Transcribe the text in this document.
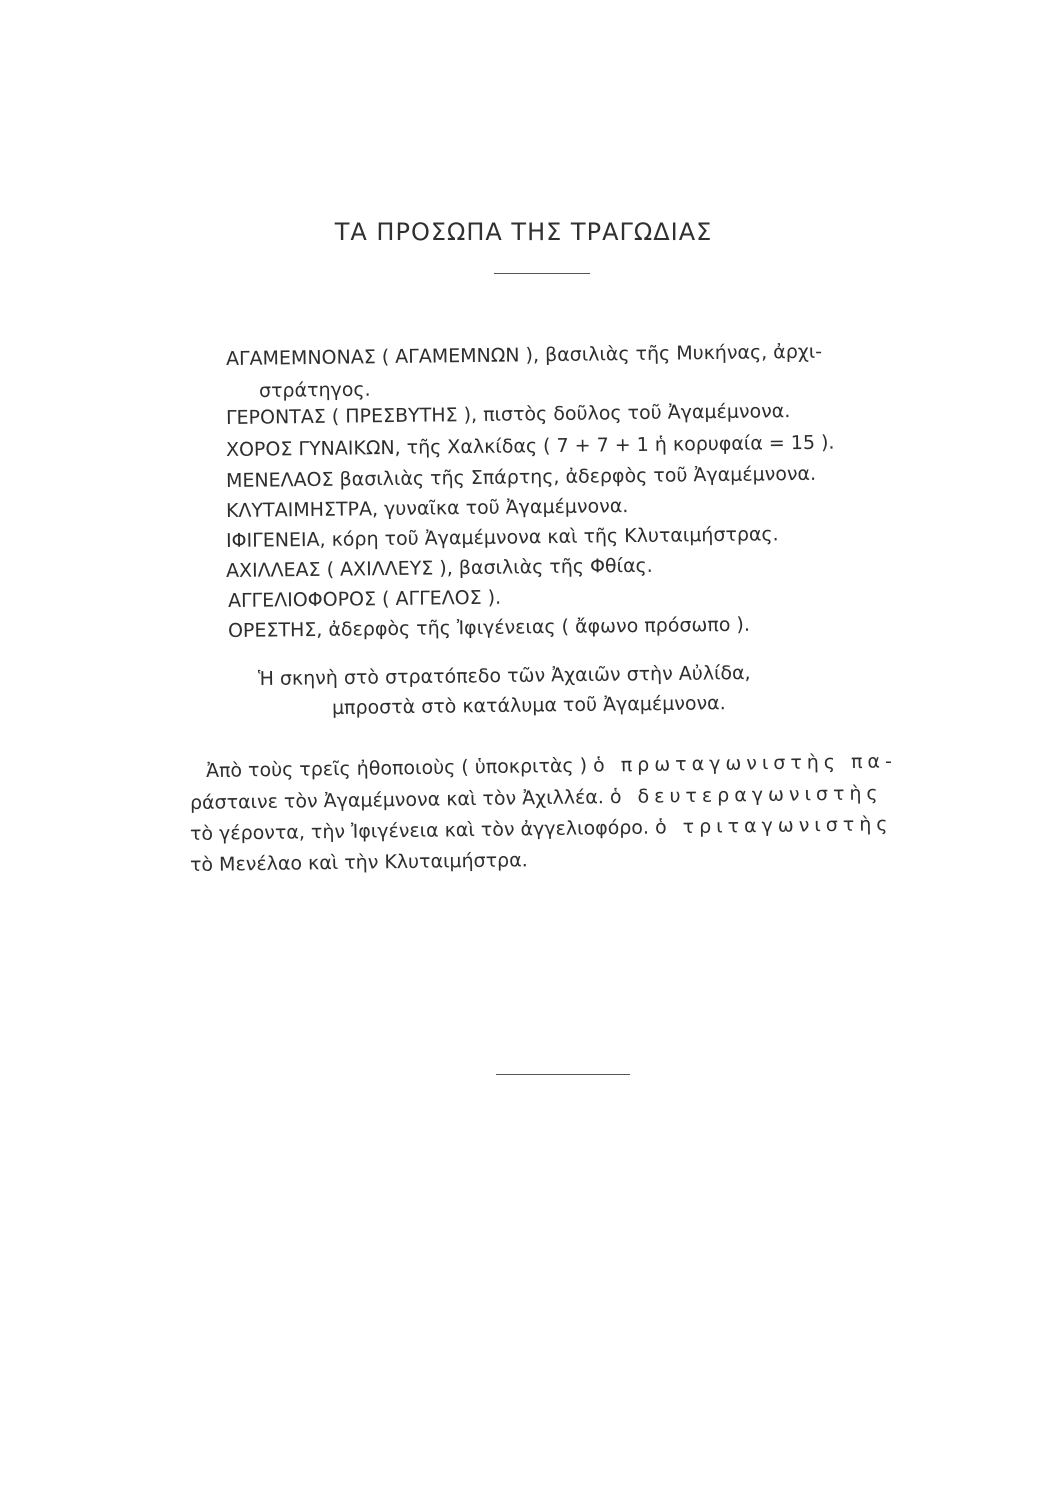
ΤΑ ΠΡΟΣΩΠΑ ΤΗΣ ΤΡΑΓΩΔΙΑΣ
ΑΓΑΜΕΜΝΟΝΑΣ ( ΑΓΑΜΕΜΝΩΝ ), βασιλιὰς τῆς Μυκήνας, ἀρχι-
στράτηγος.
ΓΕΡΟΝΤΑΣ ( ΠΡΕΣΒΥΤΗΣ ), πιστὸς δοῦλος τοῦ Ἀγαμέμνονα.
ΧΟΡΟΣ ΓΥΝΑΙΚΩΝ, τῆς Χαλκίδας ( 7 + 7 + 1 ἡ κορυφαία = 15 ).
ΜΕΝΕΛΑΟΣ βασιλιὰς τῆς Σπάρτης, ἀδερφὸς τοῦ Ἀγαμέμνονα.
ΚΛΥΤΑΙΜΗΣΤΡΑ, γυναῖκα τοῦ Ἀγαμέμνονα.
ΙΦΙΓΕΝΕΙΑ, κόρη τοῦ Ἀγαμέμνονα καὶ τῆς Κλυταιμήστρας.
ΑΧΙΛΛΕΑΣ ( ΑΧΙΛΛΕΥΣ ), βασιλιὰς τῆς Φθίας.
ΑΓΓΕΛΙΟΦΟΡΟΣ ( ΑΓΓΕΛΟΣ ).
ΟΡΕΣΤΗΣ, ἀδερφὸς τῆς Ἰφιγένειας ( ἄφωνο πρόσωπο ).
Ἡ σκηνὴ στὸ στρατόπεδο τῶν Ἀχαιῶν στὴν Αὐλίδα,
μπροστὰ στὸ κατάλυμα τοῦ Ἀγαμέμνονα.
Ἀπὸ τοὺς τρεῖς ἠθοποιοὺς ( ὑποκριτὰς ) ὁ πρωταγωνιστὴς πα-
ράσταινε τὸν Ἀγαμέμνονα καὶ τὸν Ἀχιλλέα. ὁ δευτεραγωνιστὴς
τὸ γέροντα, τὴν Ἰφιγένεια καὶ τὸν ἀγγελιοφόρο. ὁ τριταγωνιστὴς
τὸ Μενέλαο καὶ τὴν Κλυταιμήστρα.
